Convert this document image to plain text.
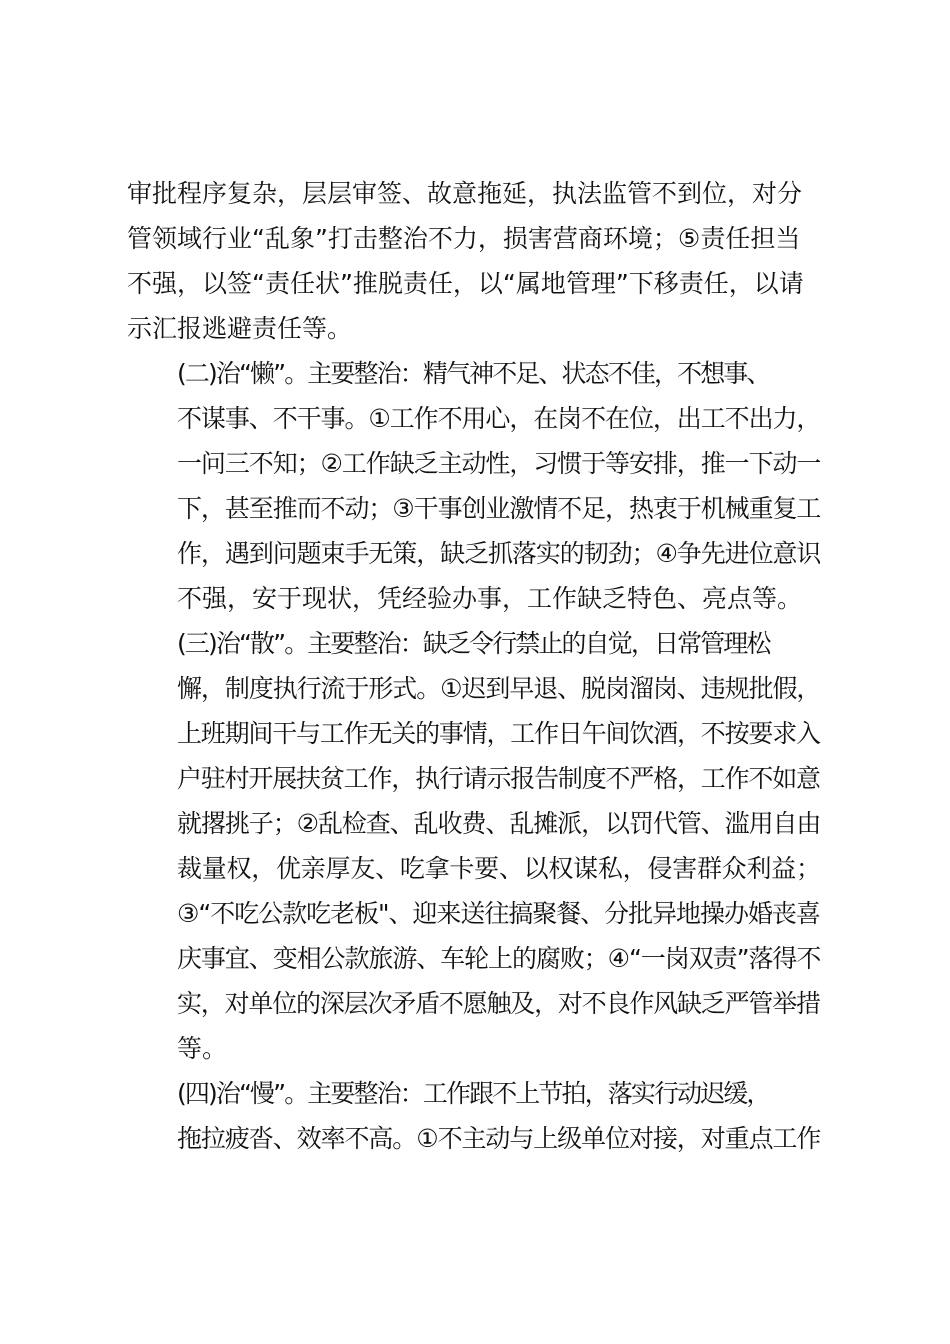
审批程序复杂，层层审签、故意拖延，执法监管不到位，对分
管领域行业“乱象”打击整治不力，损害营商环境；⑤责任担当
不强，以签“责任状”推脱责任，以“属地管理”下移责任，以请
示汇报逃避责任等。

(二)治“懒”。主要整治：精气神不足、状态不佳，不想事、
不谋事、不干事。①工作不用心，在岗不在位，出工不出力，
一问三不知；②工作缺乏主动性，习惯于等安排，推一下动一
下，甚至推而不动；③干事创业激情不足，热衷于机械重复工
作，遇到问题束手无策，缺乏抓落实的韧劲；④争先进位意识
不强，安于现状，凭经验办事，工作缺乏特色、亮点等。

(三)治“散”。主要整治：缺乏令行禁止的自觉，日常管理松
懈，制度执行流于形式。①迟到早退、脱岗溜岗、违规批假，
上班期间干与工作无关的事情，工作日午间饮酒，不按要求入
户驻村开展扶贫工作，执行请示报告制度不严格，工作不如意
就撂挑子；②乱检查、乱收费、乱摊派，以罚代管、滥用自由
裁量权，优亲厚友、吃拿卡要、以权谋私，侵害群众利益；
③“不吃公款吃老板"、迎来送往搞聚餐、分批异地操办婚丧喜
庆事宜、变相公款旅游、车轮上的腐败；④“一岗双责”落得不
实，对单位的深层次矛盾不愿触及，对不良作风缺乏严管举措
等。

(四)治“慢”。主要整治：工作跟不上节拍，落实行动迟缓，
拖拉疲沓、效率不高。①不主动与上级单位对接，对重点工作
